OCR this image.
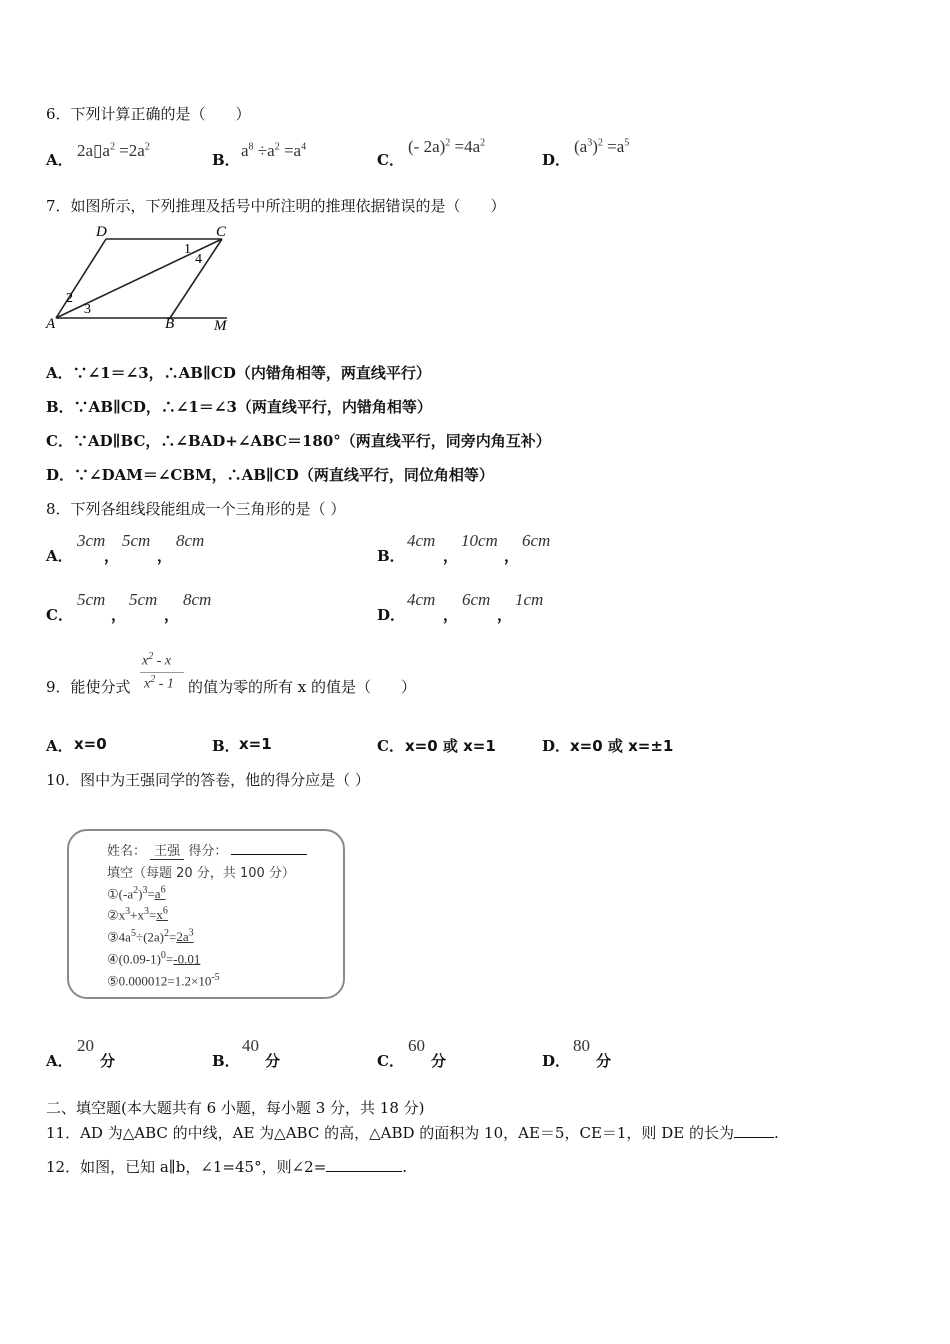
6．下列计算正确的是（　　）
A． $2a▯a^2 =2a^2$
B． $a^8 \div a^2 =a^4$
C．
(- $2a)^2 =4a^2$
D．
$(a^3)^2 =a^5$
7．如图所示，下列推理及括号中所注明的推理依据错误的是（　　）
D	C
A	B	M
1
2
3
4
A．∵∠1＝∠3，∴AB∥CD（内错角相等，两直线平行）
B．∵AB∥CD，∴∠1＝∠3（两直线平行，内错角相等）
C．∵AD∥BC，∴∠BAD+∠ABC＝180°（两直线平行，同旁内角互补）
D．∵∠DAM＝∠CBM，∴AB∥CD（两直线平行，同位角相等）
8．下列各组线段能组成一个三角形的是（ ）
A．
3cm
，
5cm
，
8cm
B．
4cm
，
10cm
，
6cm
C．
5cm
，
5cm
，
8cm
D．
4cm
，
6cm
，
1cm
9．能使分式
$x^2$ - x
$x^2 - 1$ 的值为零的所有 x 的值是（　　）
A． x=0	B． x=1	C． x=0 或 x=1	D． x=0 或 x=±1
10．图中为王强同学的答卷，他的得分应是（ ）
姓名： 王强 得分：
填空（每题 20 分，共 100 分）
$①(-a^2)^3=a^6$
$②x^3+x^3=x^6$
$③4a^5\div(2a)^2=2a^3$
$④(0.09-1)^0=-0.01$
$⑤0.000012=1.2\times 10^{-5}$
A．
20
分	B．
40
分	C．
60
分	D．
80
分
二、填空题(本大题共有 6 小题，每小题 3 分，共 18 分)
11．AD 为△ABC 的中线，AE 为△ABC 的高，△ABD 的面积为 10，AE＝5，CE＝1，则 DE 的长为	.
12．如图，已知 a∥b，∠1=45°，则∠2=	.
